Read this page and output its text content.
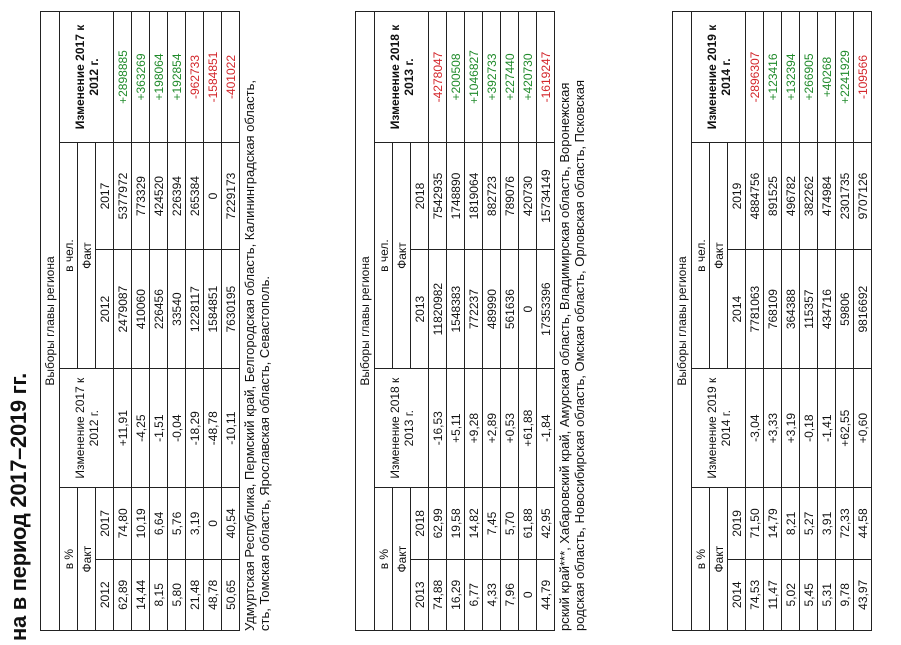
на в период 2017–2019 гг.
Выборы главы региона					
в %		Изменение 2017 к 2012 г.	в чел.		Изменение 2017 к 2012 г.
Факт			Факт		
2012	2017		2012	2017	
62,89	74,80	+11,91	2479087	5377972	+2898885
14,44	10,19	-4,25	410060	773329	+363269
8,15	6,64	-1,51	226456	424520	+198064
5,80	5,76	-0,04	33540	226394	+192854
21,48	3,19	-18,29	1228117	265384	-962733
48,78	0	-48,78	1584851	0	-1584851
50,65	40,54	-10,11	7630195	7229173	-401022
Удмуртская Республика, Пермский край, Белгородская область, Калининградская область, сть, Томская область, Ярославская область, Севастополь.	Выборы главы региона					
в %		Изменение 2018 к 2013 г.	в чел.		Изменение 2018 к 2013 г.
Факт			Факт		
2013	2018		2013	2018	
74,88	62,99	-16,53	11820982	7542935	-4278047
16,29	19,58	+5,11	1548383	1748890	+200508
6,77	14,82	+9,28	772237	1819064	+1046827
4,33	7,45	+2,89	489990	882723	+392733
7,96	5,70	+0,53	561636	789076	+227440
0	61,88	+61,88	0	420730	+420730
44,79	42,95	-1,84	17353396	15734149	-1619247
рский край***, Хабаровский край, Амурская область, Владимирская область, Воронежская родская область, Новосибирская область, Омская область, Орловская область, Псковская	Выборы главы региона					
в %		Изменение 2019 к 2014 г.	в чел.		Изменение 2019 к 2014 г.
Факт			Факт		
2014	2019		2014	2019	
74,53	71,50	-3,04	7781063	4884756	-2896307
11,47	14,79	+3,33	768109	891525	+123416
5,02	8,21	+3,19	364388	496782	+132394
5,45	5,27	-0,18	115357	382262	+266905
5,31	3,91	-1,41	434716	474984	+40268
9,78	72,33	+62,55	59806	2301735	+2241929
43,97	44,58	+0,60	9816692	9707126	-109566
